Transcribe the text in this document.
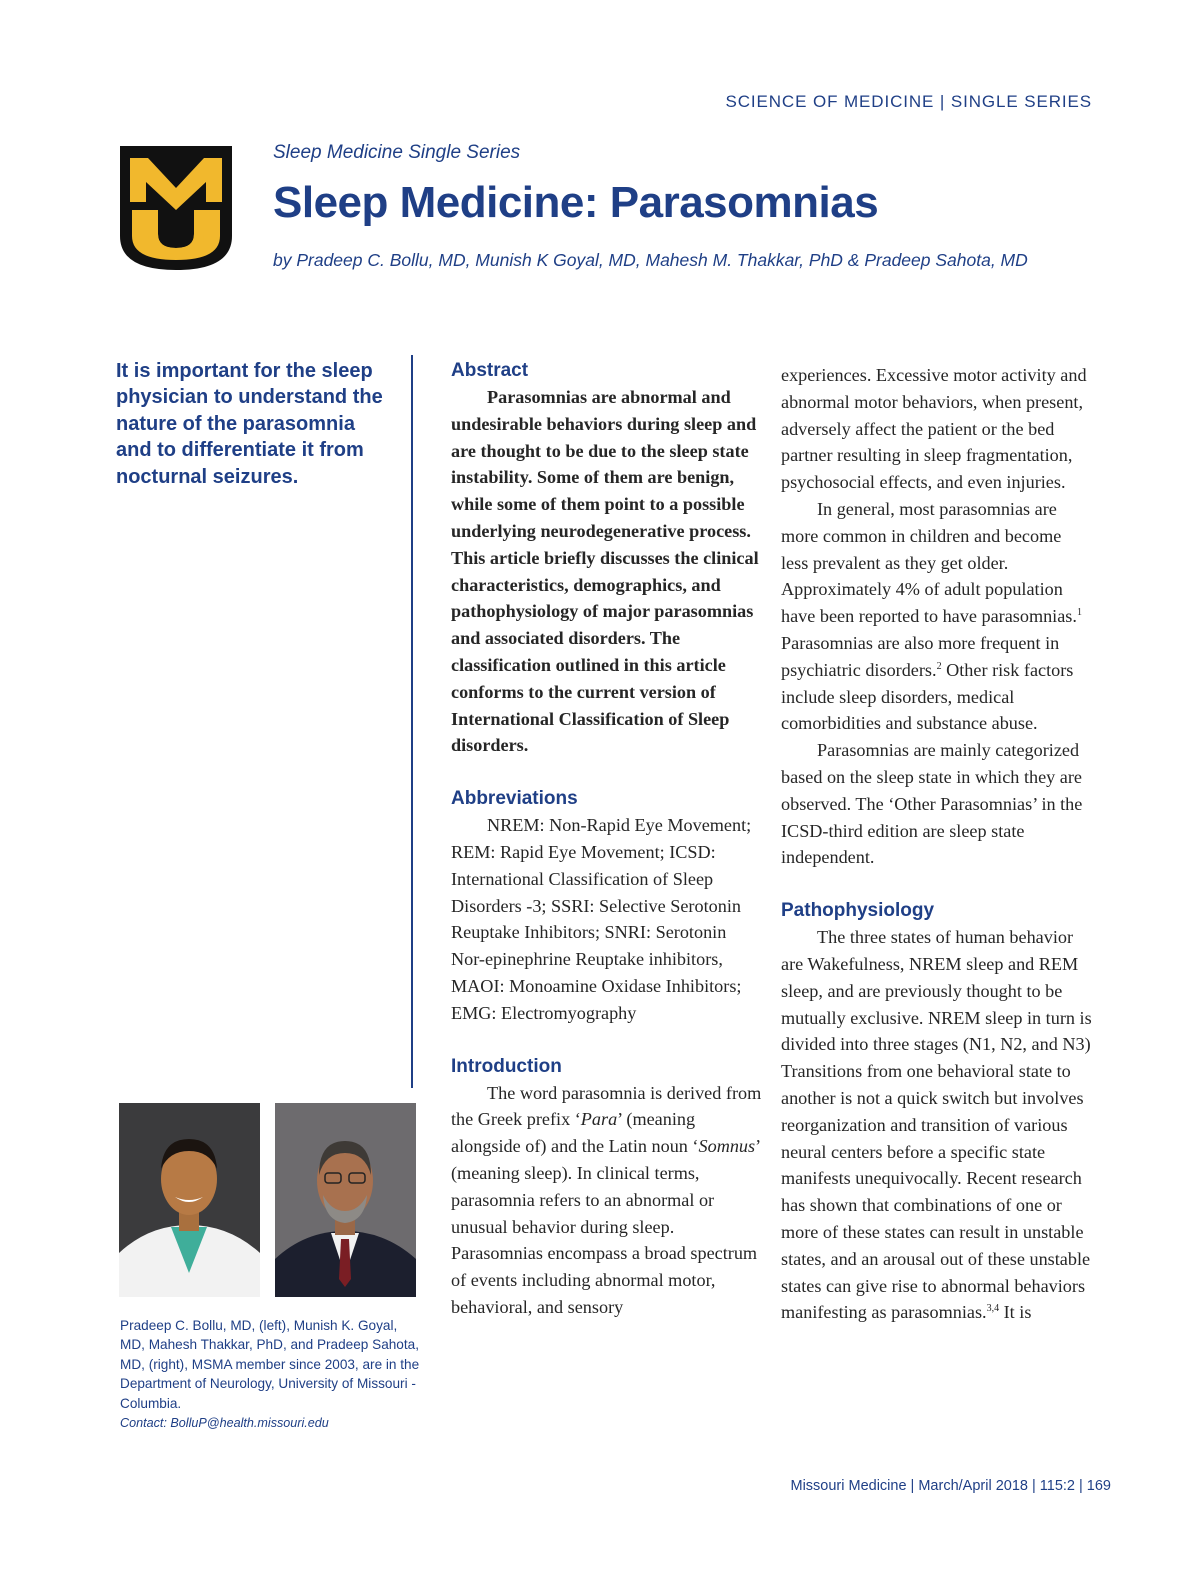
SCIENCE OF MEDICINE | SINGLE SERIES
Sleep Medicine Single Series
Sleep Medicine: Parasomnias
by Pradeep C. Bollu, MD, Munish K Goyal, MD, Mahesh M. Thakkar, PhD & Pradeep Sahota, MD
It is important for the sleep physician to understand the nature of the parasomnia and to differentiate it from nocturnal seizures.
Pradeep C. Bollu, MD, (left), Munish K. Goyal, MD, Mahesh Thakkar, PhD, and Pradeep Sahota, MD, (right), MSMA member since 2003, are in the Department of Neurology, University of Missouri - Columbia.
Contact: BolluP@health.missouri.edu
Abstract

Parasomnias are abnormal and undesirable behaviors during sleep and are thought to be due to the sleep state instability. Some of them are benign, while some of them point to a possible underlying neurodegenerative process. This article briefly discusses the clinical characteristics, demographics, and pathophysiology of major parasomnias and associated disorders. The classification outlined in this article conforms to the current version of International Classification of Sleep disorders.

Abbreviations

NREM: Non-Rapid Eye Movement; REM: Rapid Eye Movement; ICSD: International Classification of Sleep Disorders -3; SSRI: Selective Serotonin Reuptake Inhibitors; SNRI: Serotonin Nor-epinephrine Reuptake inhibitors, MAOI: Monoamine Oxidase Inhibitors; EMG: Electromyography

Introduction

The word parasomnia is derived from the Greek prefix ‘Para’ (meaning alongside of) and the Latin noun ‘Somnus’ (meaning sleep). In clinical terms, parasomnia refers to an abnormal or unusual behavior during sleep. Parasomnias encompass a broad spectrum of events including abnormal motor, behavioral, and sensory

experiences. Excessive motor activity and abnormal motor behaviors, when present, adversely affect the patient or the bed partner resulting in sleep fragmentation, psychosocial effects, and even injuries.

In general, most parasomnias are more common in children and become less prevalent as they get older. Approximately 4% of adult population have been reported to have parasomnias.$^1$ Parasomnias are also more frequent in psychiatric disorders.$^2$ Other risk factors include sleep disorders, medical comorbidities and substance abuse.

Parasomnias are mainly categorized based on the sleep state in which they are observed. The ‘Other Parasomnias’ in the ICSD-third edition are sleep state independent.

Pathophysiology

The three states of human behavior are Wakefulness, NREM sleep and REM sleep, and are previously thought to be mutually exclusive. NREM sleep in turn is divided into three stages (N1, N2, and N3) Transitions from one behavioral state to another is not a quick switch but involves reorganization and transition of various neural centers before a specific state manifests unequivocally. Recent research has shown that combinations of one or more of these states can result in unstable states, and an arousal out of these unstable states can give rise to abnormal behaviors manifesting as parasomnias.$^{3,4}$ It is

Missouri Medicine | March/April 2018 | 115:2 | 169
